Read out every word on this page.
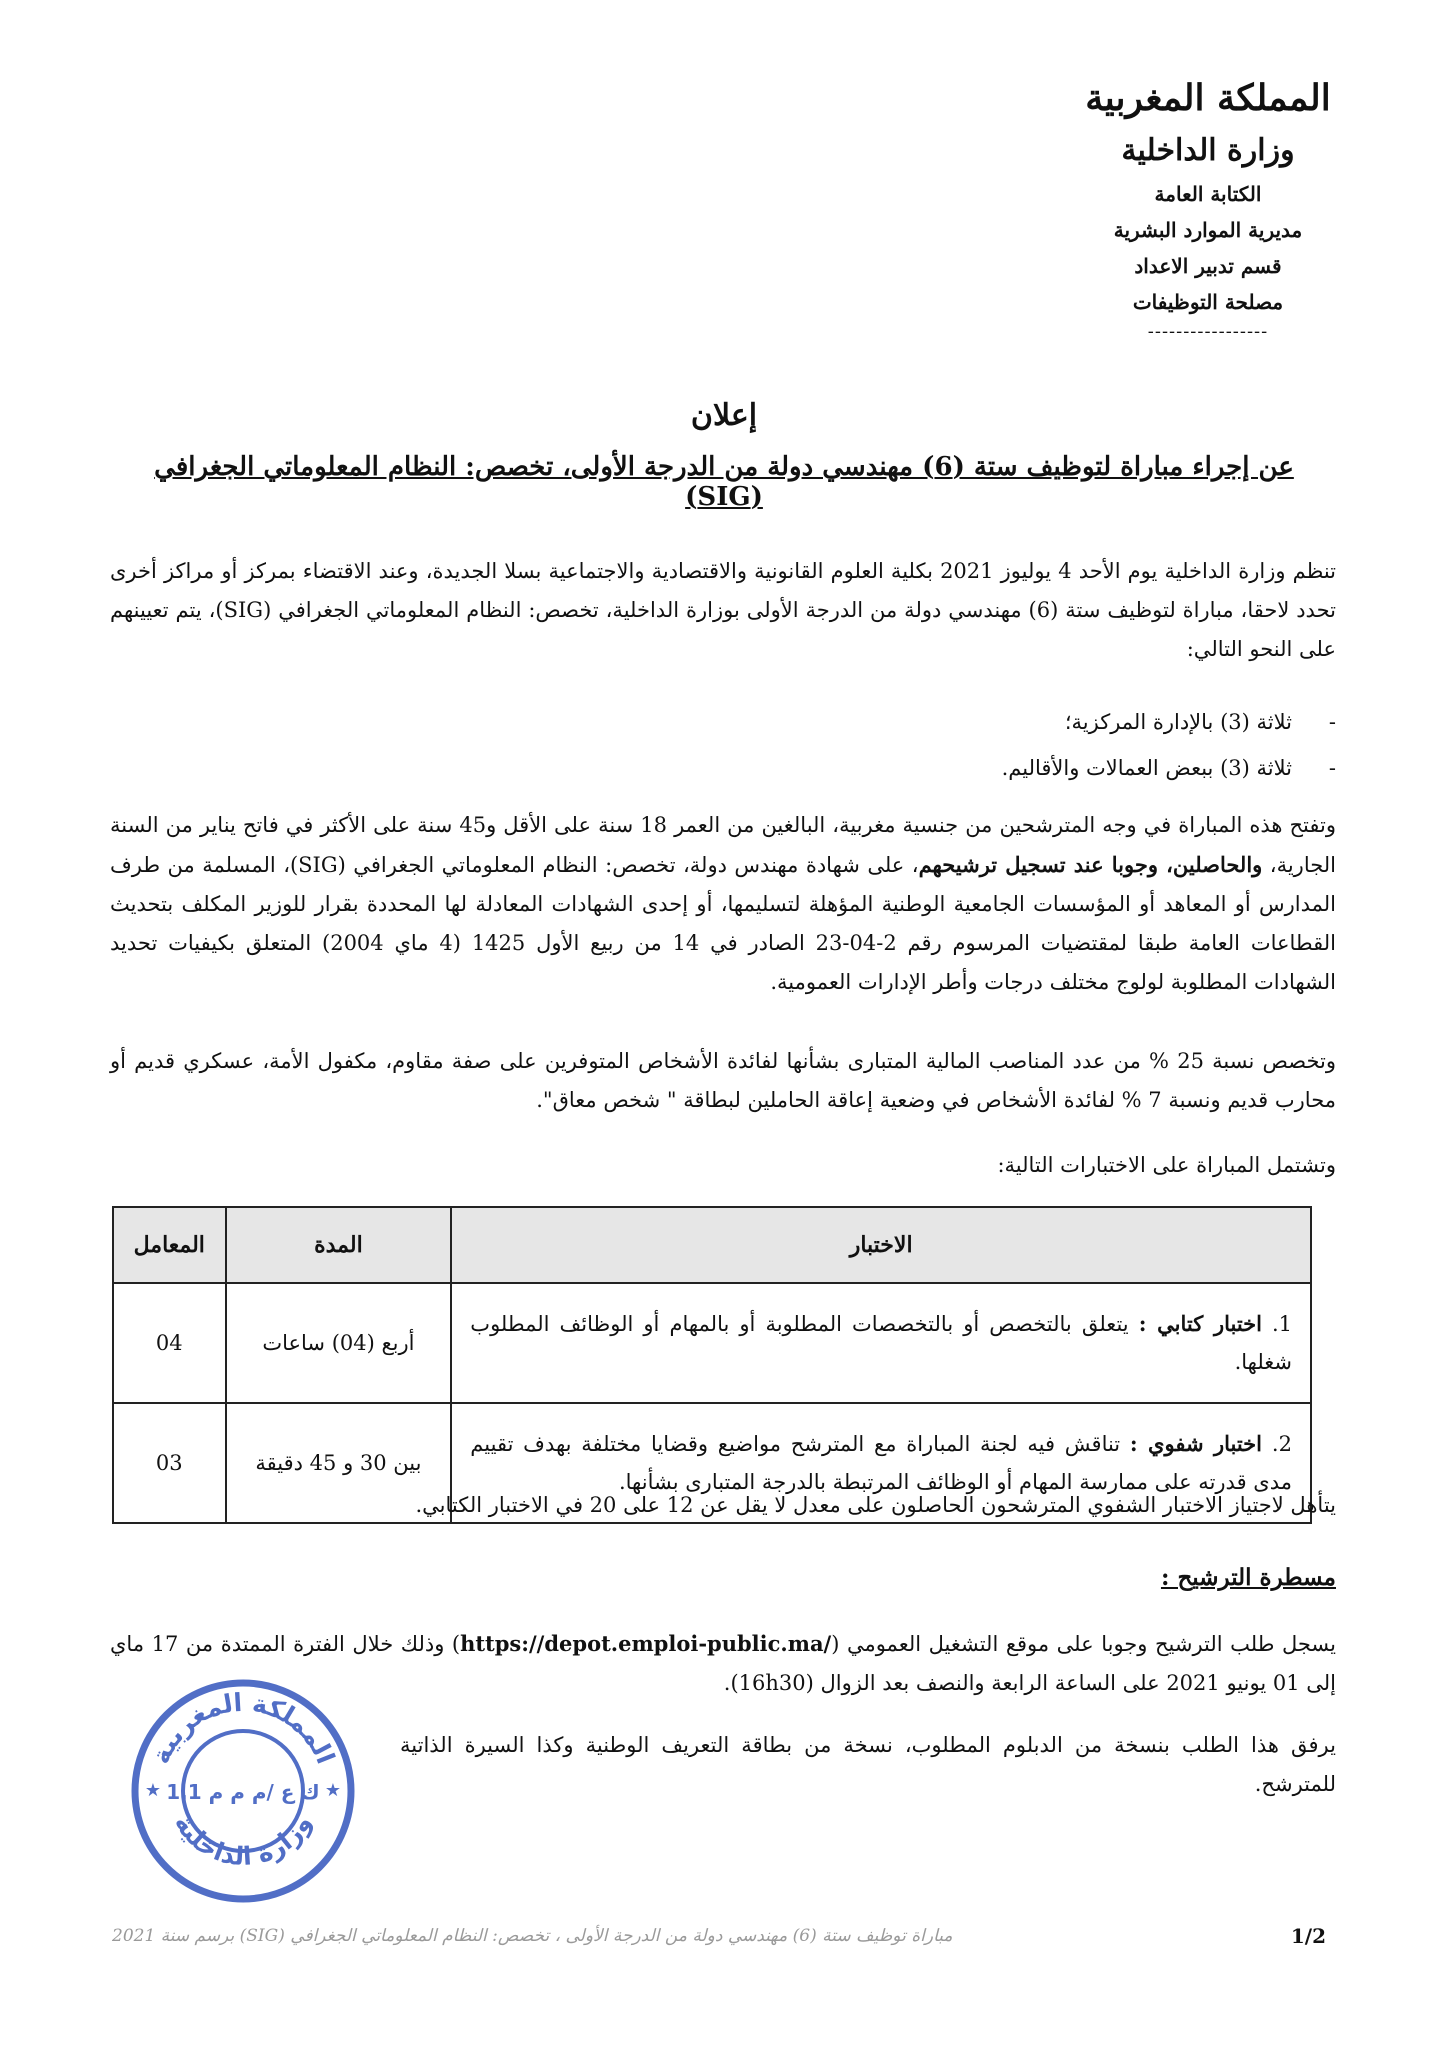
المملكة المغربية
وزارة الداخلية
الكتابة العامة
مديرية الموارد البشرية
قسم تدبير الاعداد
مصلحة التوظيفات
-----------------
إعلان
عن إجراء مباراة لتوظيف ستة (6) مهندسي دولة من الدرجة الأولى، تخصص: النظام المعلوماتي الجغرافي (SIG)
تنظم وزارة الداخلية يوم الأحد 4 يوليوز 2021 بكلية العلوم القانونية والاقتصادية والاجتماعية بسلا الجديدة، وعند الاقتضاء بمركز أو مراكز أخرى تحدد لاحقا، مباراة لتوظيف ستة (6) مهندسي دولة من الدرجة الأولى بوزارة الداخلية، تخصص: النظام المعلوماتي الجغرافي (SIG)، يتم تعيينهم على النحو التالي:
-ثلاثة (3) بالإدارة المركزية؛
-ثلاثة (3) ببعض العمالات والأقاليم.
وتفتح هذه المباراة في وجه المترشحين من جنسية مغربية، البالغين من العمر 18 سنة على الأقل و45 سنة على الأكثر في فاتح يناير من السنة الجارية، والحاصلين، وجوبا عند تسجيل ترشيحهم، على شهادة مهندس دولة، تخصص: النظام المعلوماتي الجغرافي (SIG)، المسلمة من طرف المدارس أو المعاهد أو المؤسسات الجامعية الوطنية المؤهلة لتسليمها، أو إحدى الشهادات المعادلة لها المحددة بقرار للوزير المكلف بتحديث القطاعات العامة طبقا لمقتضيات المرسوم رقم 2-04-23 الصادر في 14 من ربيع الأول 1425 (4 ماي 2004) المتعلق بكيفيات تحديد الشهادات المطلوبة لولوج مختلف درجات وأطر الإدارات العمومية.
وتخصص نسبة 25 % من عدد المناصب المالية المتبارى بشأنها لفائدة الأشخاص المتوفرين على صفة مقاوم، مكفول الأمة، عسكري قديم أو محارب قديم ونسبة 7 % لفائدة الأشخاص في وضعية إعاقة الحاملين لبطاقة " شخص معاق".
وتشتمل المباراة على الاختبارات التالية:
الاختبار	المدة	المعامل
1.اختبار كتابي : يتعلق بالتخصص أو بالتخصصات المطلوبة أو بالمهام أو الوظائف المطلوب شغلها.	أربع (04) ساعات	04
2.اختبار شفوي : تناقش فيه لجنة المباراة مع المترشح مواضيع وقضايا مختلفة بهدف تقييم مدى قدرته على ممارسة المهام أو الوظائف المرتبطة بالدرجة المتبارى بشأنها.	بين 30 و 45 دقيقة	03
يتأهل لاجتياز الاختبار الشفوي المترشحون الحاصلون على معدل لا يقل عن 12 على 20 في الاختبار الكتابي.
مسطرة الترشيح :
يسجل طلب الترشيح وجوبا على موقع التشغيل العمومي (https://depot.emploi-public.ma/) وذلك خلال الفترة الممتدة من 17 ماي إلى 01 يونيو 2021 على الساعة الرابعة والنصف بعد الزوال (16h30).
يرفق هذا الطلب بنسخة من الدبلوم المطلوب، نسخة من بطاقة التعريف الوطنية وكذا السيرة الذاتية للمترشح.
المملكة المغربية
وزارة الداخلية
ك ع /م م م 1.1
★	★
مباراة توظيف ستة (6) مهندسي دولة من الدرجة الأولى ، تخصص: النظام المعلوماتي الجغرافي (SIG) برسم سنة 2021	1/2
